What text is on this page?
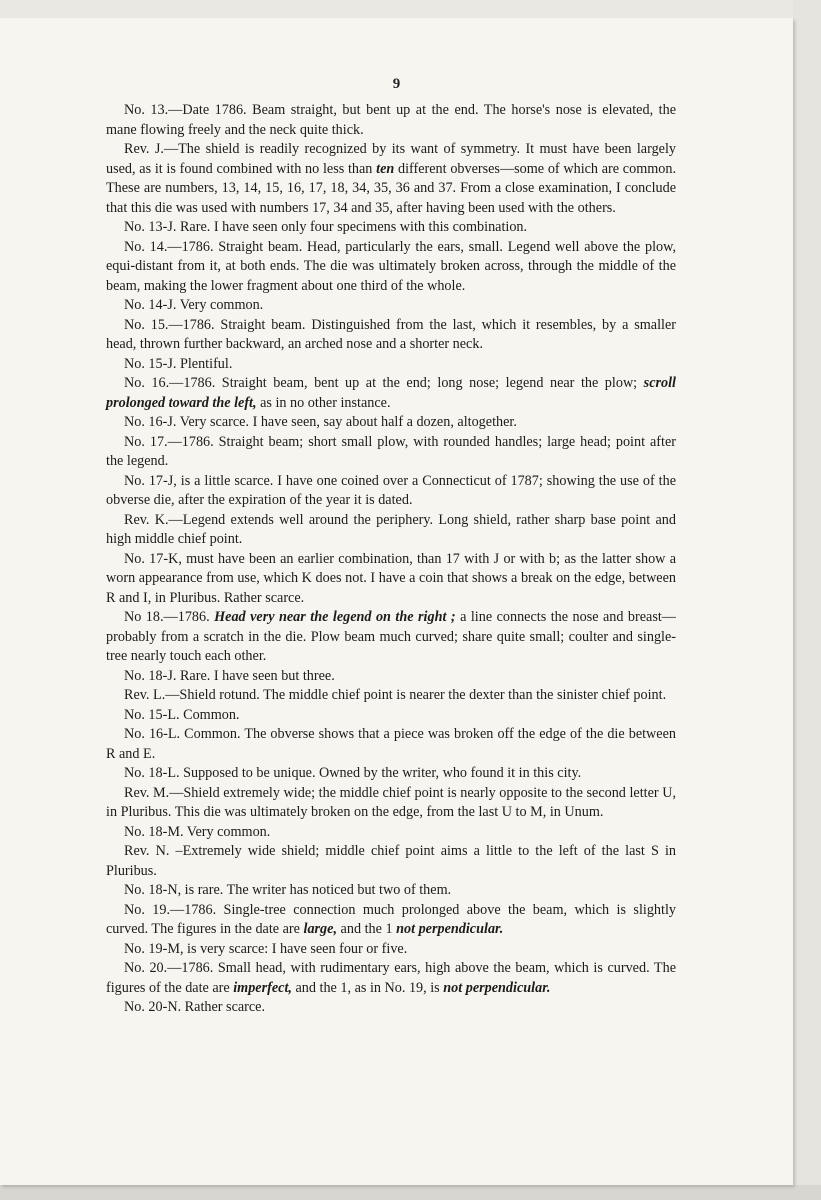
9

No. 13.—Date 1786. Beam straight, but bent up at the end. The horse's nose is elevated, the mane flowing freely and the neck quite thick.

Rev. J.—The shield is readily recognized by its want of symmetry. It must have been largely used, as it is found combined with no less than ten different obverses—some of which are common. These are numbers, 13, 14, 15, 16, 17, 18, 34, 35, 36 and 37. From a close examination, I conclude that this die was used with numbers 17, 34 and 35, after having been used with the others.

No. 13-J. Rare. I have seen only four specimens with this combination.

No. 14.—1786. Straight beam. Head, particularly the ears, small. Legend well above the plow, equi-distant from it, at both ends. The die was ultimately broken across, through the middle of the beam, making the lower fragment about one third of the whole.

No. 14-J. Very common.

No. 15.—1786. Straight beam. Distinguished from the last, which it resembles, by a smaller head, thrown further backward, an arched nose and a shorter neck.

No. 15-J. Plentiful.

No. 16.—1786. Straight beam, bent up at the end; long nose; legend near the plow; scroll prolonged toward the left, as in no other instance.

No. 16-J. Very scarce. I have seen, say about half a dozen, altogether.

No. 17.—1786. Straight beam; short small plow, with rounded handles; large head; point after the legend.

No. 17-J, is a little scarce. I have one coined over a Connecticut of 1787; showing the use of the obverse die, after the expiration of the year it is dated.

Rev. K.—Legend extends well around the periphery. Long shield, rather sharp base point and high middle chief point.

No. 17-K, must have been an earlier combination, than 17 with J or with b; as the latter show a worn appearance from use, which K does not. I have a coin that shows a break on the edge, between R and I, in Pluribus. Rather scarce.

No 18.—1786. Head very near the legend on the right ; a line connects the nose and breast—probably from a scratch in the die. Plow beam much curved; share quite small; coulter and single-tree nearly touch each other.

No. 18-J. Rare. I have seen but three.

Rev. L.—Shield rotund. The middle chief point is nearer the dexter than the sinister chief point.

No. 15-L. Common.

No. 16-L. Common. The obverse shows that a piece was broken off the edge of the die between R and E.

No. 18-L. Supposed to be unique. Owned by the writer, who found it in this city.

Rev. M.—Shield extremely wide; the middle chief point is nearly opposite to the second letter U, in Pluribus. This die was ultimately broken on the edge, from the last U to M, in Unum.

No. 18-M. Very common.

Rev. N. –Extremely wide shield; middle chief point aims a little to the left of the last S in Pluribus.

No. 18-N, is rare. The writer has noticed but two of them.

No. 19.—1786. Single-tree connection much prolonged above the beam, which is slightly curved. The figures in the date are large, and the 1 not perpendicular.

No. 19-M, is very scarce: I have seen four or five.

No. 20.—1786. Small head, with rudimentary ears, high above the beam, which is curved. The figures of the date are imperfect, and the 1, as in No. 19, is not perpendicular.

No. 20-N. Rather scarce.
